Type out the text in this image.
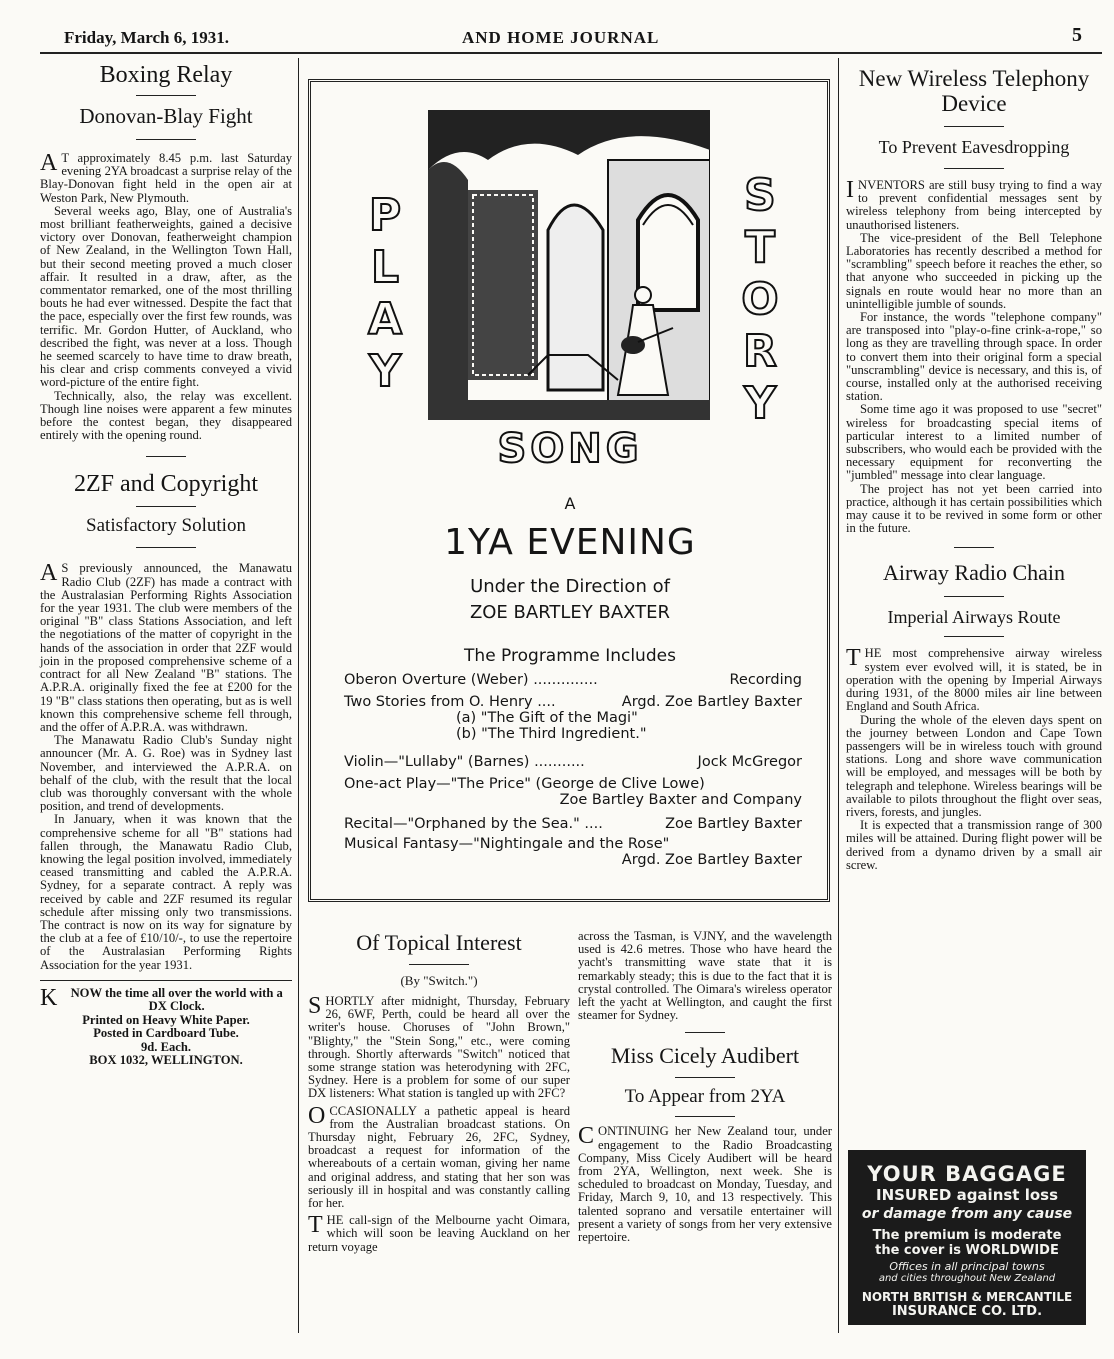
Friday, March 6, 1931.	AND HOME JOURNAL	5
Boxing Relay
Donovan-Blay Fight

A T approximately 8.45 p.m. last Saturday evening 2YA broadcast a surprise relay of the Blay-Donovan fight held in the open air at Weston Park, New Plymouth.

Several weeks ago, Blay, one of Australia's most brilliant featherweights, gained a decisive victory over Donovan, featherweight champion of New Zealand, in the Wellington Town Hall, but their second meeting proved a much closer affair. It resulted in a draw, after, as the commentator remarked, one of the most thrilling bouts he had ever witnessed. Despite the fact that the pace, especially over the first few rounds, was terrific. Mr. Gordon Hutter, of Auckland, who described the fight, was never at a loss. Though he seemed scarcely to have time to draw breath, his clear and crisp comments conveyed a vivid word-picture of the entire fight.

Technically, also, the relay was excellent. Though line noises were apparent a few minutes before the contest began, they disappeared entirely with the opening round.

2ZF and Copyright
Satisfactory Solution

A S previously announced, the Manawatu Radio Club (2ZF) has made a contract with the Australasian Performing Rights Association for the year 1931. The club were members of the original "B" class Stations Association, and left the negotiations of the matter of copyright in the hands of the association in order that 2ZF would join in the proposed comprehensive scheme of a contract for all New Zealand "B" stations. The A.P.R.A. originally fixed the fee at £200 for the 19 "B" class stations then operating, but as is well known this comprehensive scheme fell through, and the offer of A.P.R.A. was withdrawn.

The Manawatu Radio Club's Sunday night announcer (Mr. A. G. Roe) was in Sydney last November, and interviewed the A.P.R.A. on behalf of the club, with the result that the local club was thoroughly conversant with the whole position, and trend of developments.

In January, when it was known that the comprehensive scheme for all "B" stations had fallen through, the Manawatu Radio Club, knowing the legal position involved, immediately ceased transmitting and cabled the A.P.R.A. Sydney, for a separate contract. A reply was received by cable and 2ZF resumed its regular schedule after missing only two transmissions. The contract is now on its way for signature by the club at a fee of £10/10/-, to use the repertoire of the Australasian Performing Rights Association for the year 1931.

K	NOW the time all over the world with a
DX Clock.
Printed on Heavy White Paper.
Posted in Cardboard Tube.
9d. Each.
BOX 1032, WELLINGTON.
P
L
A
Y
S
T
O
R
Y
SONG
A
1YA EVENING
Under the Direction of
ZOE BARTLEY BAXTER
The Programme Includes
Oberon Overture (Weber) ..............	Recording
Two Stories from O. Henry ....	Argd. Zoe Bartley Baxter
(a) "The Gift of the Magi"
(b) "The Third Ingredient."
Violin—"Lullaby" (Barnes) ...........	Jock McGregor
One-act Play—"The Price" (George de Clive Lowe)
Zoe Bartley Baxter and Company
Recital—"Orphaned by the Sea." ....	Zoe Bartley Baxter
Musical Fantasy—"Nightingale and the Rose"
Argd. Zoe Bartley Baxter
Of Topical Interest
(By "Switch.")

SHORTLY after midnight, Thursday, February 26, 6WF, Perth, could be heard all over the writer's house. Choruses of "John Brown," "Blighty," the "Stein Song," etc., were coming through. Shortly afterwards "Switch" noticed that some strange station was heterodyning with 2FC, Sydney. Here is a problem for some of our super DX listeners: What station is tangled up with 2FC?

OCCASIONALLY a pathetic appeal is heard from the Australian broadcast stations. On Thursday night, February 26, 2FC, Sydney, broadcast a request for information of the whereabouts of a certain woman, giving her name and original address, and stating that her son was seriously ill in hospital and was constantly calling for her.

THE call-sign of the Melbourne yacht Oimara, which will soon be leaving Auckland on her return voyage

across the Tasman, is VJNY, and the wavelength used is 42.6 metres. Those who have heard the yacht's transmitting wave state that it is remarkably steady; this is due to the fact that it is crystal controlled. The Oimara's wireless operator left the yacht at Wellington, and caught the first steamer for Sydney.

Miss Cicely Audibert
To Appear from 2YA

CONTINUING her New Zealand tour, under engagement to the Radio Broadcasting Company, Miss Cicely Audibert will be heard from 2YA, Wellington, next week. She is scheduled to broadcast on Monday, Tuesday, and Friday, March 9, 10, and 13 respectively. This talented soprano and versatile entertainer will present a variety of songs from her very extensive repertoire.

New Wireless Telephony Device
To Prevent Eavesdropping

INVENTORS are still busy trying to find a way to prevent confidential messages sent by wireless telephony from being intercepted by unauthorised listeners.

The vice-president of the Bell Telephone Laboratories has recently described a method for "scrambling" speech before it reaches the ether, so that anyone who succeeded in picking up the signals en route would hear no more than an unintelligible jumble of sounds.

For instance, the words "telephone company" are transposed into "play-o-fine crink-a-rope," so long as they are travelling through space. In order to convert them into their original form a special "unscrambling" device is necessary, and this is, of course, installed only at the authorised receiving station.

Some time ago it was proposed to use "secret" wireless for broadcasting special items of particular interest to a limited number of subscribers, who would each be provided with the necessary equipment for reconverting the "jumbled" message into clear language.

The project has not yet been carried into practice, although it has certain possibilities which may cause it to be revived in some form or other in the future.

Airway Radio Chain
Imperial Airways Route

THE most comprehensive airway wireless system ever evolved will, it is stated, be in operation with the opening by Imperial Airways during 1931, of the 8000 miles air line between England and South Africa.

During the whole of the eleven days spent on the journey between London and Cape Town passengers will be in wireless touch with ground stations. Long and shore wave communication will be employed, and messages will be both by telegraph and telephone. Wireless bearings will be available to pilots throughout the flight over seas, rivers, forests, and jungles.

It is expected that a transmission range of 300 miles will be attained. During flight power will be derived from a dynamo driven by a small air screw.

YOUR BAGGAGE
INSURED against loss
or damage from any cause
The premium is moderate
the cover is WORLDWIDE
Offices in all principal towns
and cities throughout New Zealand
NORTH BRITISH & MERCANTILE
INSURANCE CO. LTD.
